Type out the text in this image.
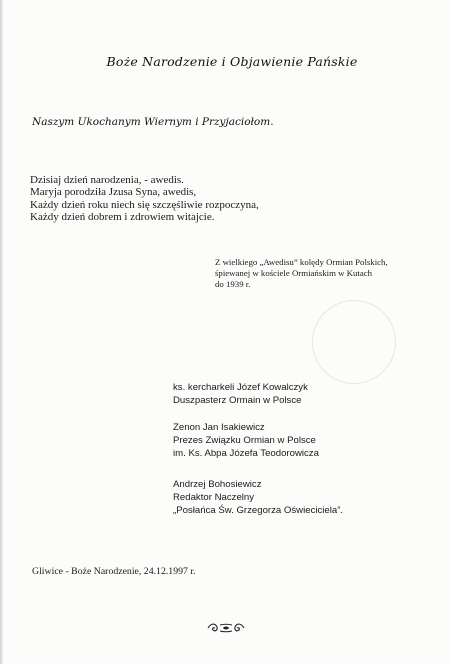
Boże Narodzenie i Objawienie Pańskie
Naszym Ukochanym Wiernym i Przyjaciołom.
Dzisiaj dzień narodzenia, - awedis.
Maryja porodziła Jzusa Syna, awedis,
Każdy dzień roku niech się szczęśliwie rozpoczyna,
Każdy dzień dobrem i zdrowiem witajcie.
Z wielkiego „Awedisu” kolędy Ormian Polskich,
śpiewanej w kościele Ormiańskim w Kutach
do 1939 r.
ks. kercharkeli Józef Kowalczyk
Duszpasterz Ormain w Polsce
Zenon Jan Isakiewicz
Prezes Związku Ormian w Polsce
im. Ks. Abpa Józefa Teodorowicza
Andrzej Bohosiewicz
Redaktor Naczelny
„Posłańca Św. Grzegorza Oświeciciela”.
Gliwice - Boże Narodzenie, 24.12.1997 r.
